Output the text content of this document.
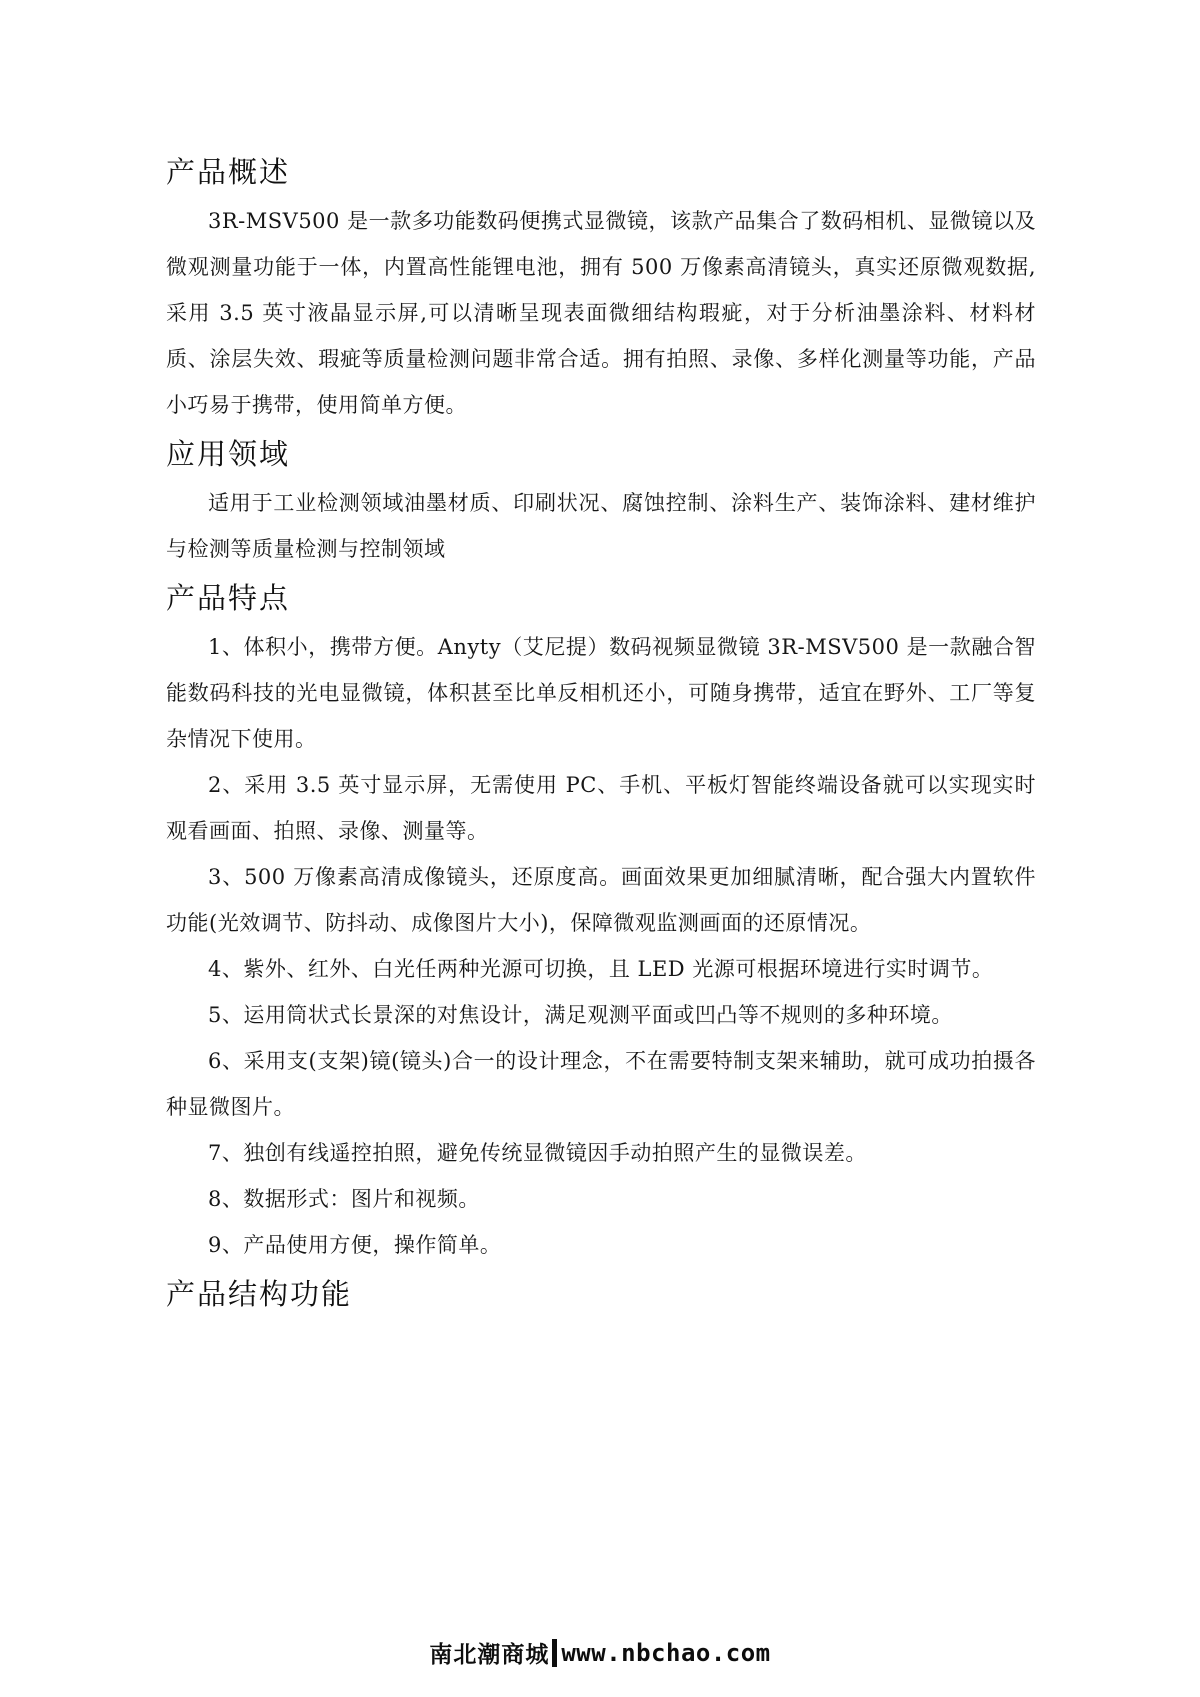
产品概述

3R-MSV500 是一款多功能数码便携式显微镜，该款产品集合了数码相机、显微镜以及微观测量功能于一体，内置高性能锂电池，拥有 500 万像素高清镜头，真实还原微观数据,采用 3.5 英寸液晶显示屏,可以清晰呈现表面微细结构瑕疵，对于分析油墨涂料、材料材质、涂层失效、瑕疵等质量检测问题非常合适。拥有拍照、录像、多样化测量等功能，产品小巧易于携带，使用简单方便。

应用领域

适用于工业检测领域油墨材质、印刷状况、腐蚀控制、涂料生产、装饰涂料、建材维护与检测等质量检测与控制领域

产品特点

1、体积小，携带方便。Anyty（艾尼提）数码视频显微镜 3R-MSV500 是一款融合智能数码科技的光电显微镜，体积甚至比单反相机还小，可随身携带，适宜在野外、工厂等复杂情况下使用。

2、采用 3.5 英寸显示屏，无需使用 PC、手机、平板灯智能终端设备就可以实现实时观看画面、拍照、录像、测量等。

3、500 万像素高清成像镜头，还原度高。画面效果更加细腻清晰，配合强大内置软件功能(光效调节、防抖动、成像图片大小)，保障微观监测画面的还原情况。

4、紫外、红外、白光任两种光源可切换，且 LED 光源可根据环境进行实时调节。

5、运用筒状式长景深的对焦设计，满足观测平面或凹凸等不规则的多种环境。

6、采用支(支架)镜(镜头)合一的设计理念，不在需要特制支架来辅助，就可成功拍摄各种显微图片。

7、独创有线遥控拍照，避免传统显微镜因手动拍照产生的显微误差。

8、数据形式：图片和视频。

9、产品使用方便，操作简单。

产品结构功能
南北潮商城 www.nbchao.com
